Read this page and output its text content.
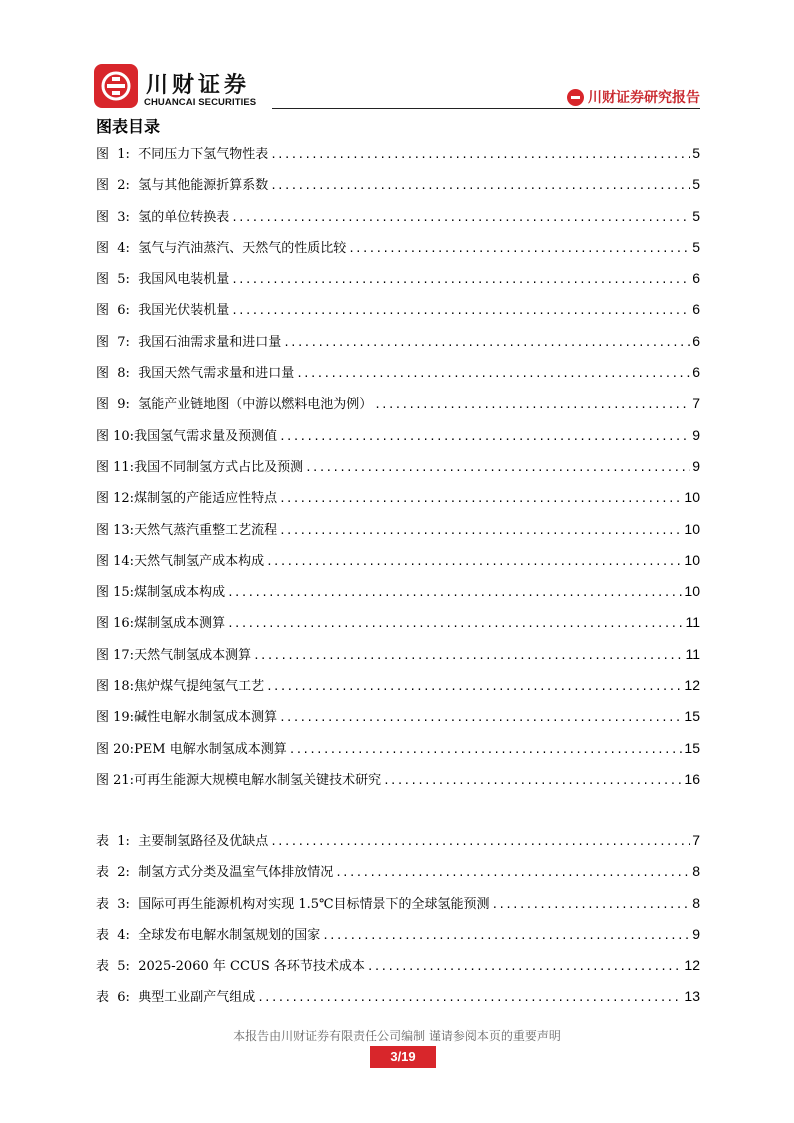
川财证券
CHUANCAI SECURITIES	川财证券研究报告
图表目录
图  1: 不同压力下氢气物性表 .....	5
图  2: 氢与其他能源折算系数 .....	5
图  3: 氢的单位转换表 .....	5
图  4: 氢气与汽油蒸汽、天然气的性质比较 .....	5
图  5: 我国风电装机量 .....	6
图  6: 我国光伏装机量 .....	6
图  7: 我国石油需求量和进口量 .....	6
图  8: 我国天然气需求量和进口量 .....	6
图  9: 氢能产业链地图（中游以燃料电池为例） .....	7
图 10: 我国氢气需求量及预测值 .....	9
图 11: 我国不同制氢方式占比及预测 .....	9
图 12: 煤制氢的产能适应性特点 .....	10
图 13: 天然气蒸汽重整工艺流程 .....	10
图 14: 天然气制氢产成本构成 .....	10
图 15: 煤制氢成本构成 .....	10
图 16: 煤制氢成本测算 .....	11
图 17: 天然气制氢成本测算 .....	11
图 18: 焦炉煤气提纯氢气工艺 .....	12
图 19: 碱性电解水制氢成本测算 .....	15
图 20: PEM 电解水制氢成本测算 .....	15
图 21: 可再生能源大规模电解水制氢关键技术研究 .....	16
表  1: 主要制氢路径及优缺点 .....	7
表  2: 制氢方式分类及温室气体排放情况 .....	8
表  3: 国际可再生能源机构对实现 1.5℃目标情景下的全球氢能预测 .....	8
表  4: 全球发布电解水制氢规划的国家 .....	9
表  5: 2025-2060 年 CCUS 各环节技术成本 .....	12
表  6: 典型工业副产气组成 .....	13
本报告由川财证券有限责任公司编制 谨请参阅本页的重要声明
3/19
